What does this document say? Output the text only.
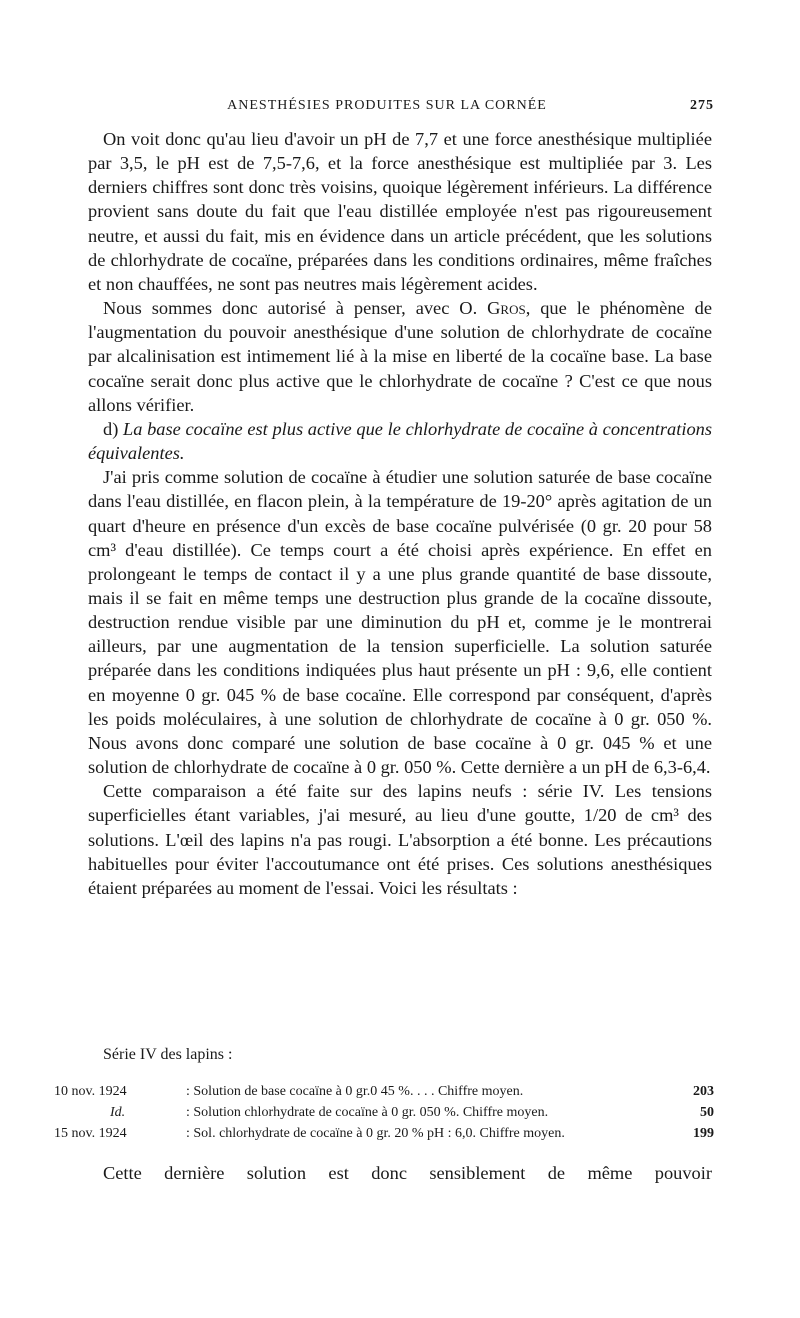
ANESTHÉSIES PRODUITES SUR LA CORNÉE	275

On voit donc qu'au lieu d'avoir un pH de 7,7 et une force anesthésique multipliée par 3,5, le pH est de 7,5-7,6, et la force anesthésique est multipliée par 3. Les derniers chiffres sont donc très voisins, quoique légèrement inférieurs. La différence provient sans doute du fait que l'eau distillée employée n'est pas rigoureusement neutre, et aussi du fait, mis en évidence dans un article précédent, que les solutions de chlorhydrate de cocaïne, préparées dans les conditions ordinaires, même fraîches et non chauffées, ne sont pas neutres mais légèrement acides.

Nous sommes donc autorisé à penser, avec O. Gros, que le phénomène de l'augmentation du pouvoir anesthésique d'une solution de chlorhydrate de cocaïne par alcalinisation est intimement lié à la mise en liberté de la cocaïne base. La base cocaïne serait donc plus active que le chlorhydrate de cocaïne ? C'est ce que nous allons vérifier.

d) La base cocaïne est plus active que le chlorhydrate de cocaïne à concentrations équivalentes.

J'ai pris comme solution de cocaïne à étudier une solution saturée de base cocaïne dans l'eau distillée, en flacon plein, à la température de 19-20° après agitation de un quart d'heure en présence d'un excès de base cocaïne pulvérisée (0 gr. 20 pour 58 cm³ d'eau distillée). Ce temps court a été choisi après expérience. En effet en prolongeant le temps de contact il y a une plus grande quantité de base dissoute, mais il se fait en même temps une destruction plus grande de la cocaïne dissoute, destruction rendue visible par une diminution du pH et, comme je le montrerai ailleurs, par une augmentation de la tension superficielle. La solution saturée préparée dans les conditions indiquées plus haut présente un pH : 9,6, elle contient en moyenne 0 gr. 045 % de base cocaïne. Elle correspond par conséquent, d'après les poids moléculaires, à une solution de chlorhydrate de cocaïne à 0 gr. 050 %. Nous avons donc comparé une solution de base cocaïne à 0 gr. 045 % et une solution de chlorhydrate de cocaïne à 0 gr. 050 %. Cette dernière a un pH de 6,3-6,4.

Cette comparaison a été faite sur des lapins neufs : série IV. Les tensions superficielles étant variables, j'ai mesuré, au lieu d'une goutte, 1/20 de cm³ des solutions. L'œil des lapins n'a pas rougi. L'absorption a été bonne. Les précautions habituelles pour éviter l'accoutumance ont été prises. Ces solutions anesthésiques étaient préparées au moment de l'essai. Voici les résultats :

Série IV des lapins :
10 nov. 1924	: Solution de base cocaïne à 0 gr.0 45 %. . . . Chiffre moyen.	203
Id.	: Solution chlorhydrate de cocaïne à 0 gr. 050 %. Chiffre moyen.	50
15 nov. 1924	: Sol. chlorhydrate de cocaïne à 0 gr. 20 % pH : 6,0. Chiffre moyen.	199
Cette dernière solution est donc sensiblement de même pouvoir
